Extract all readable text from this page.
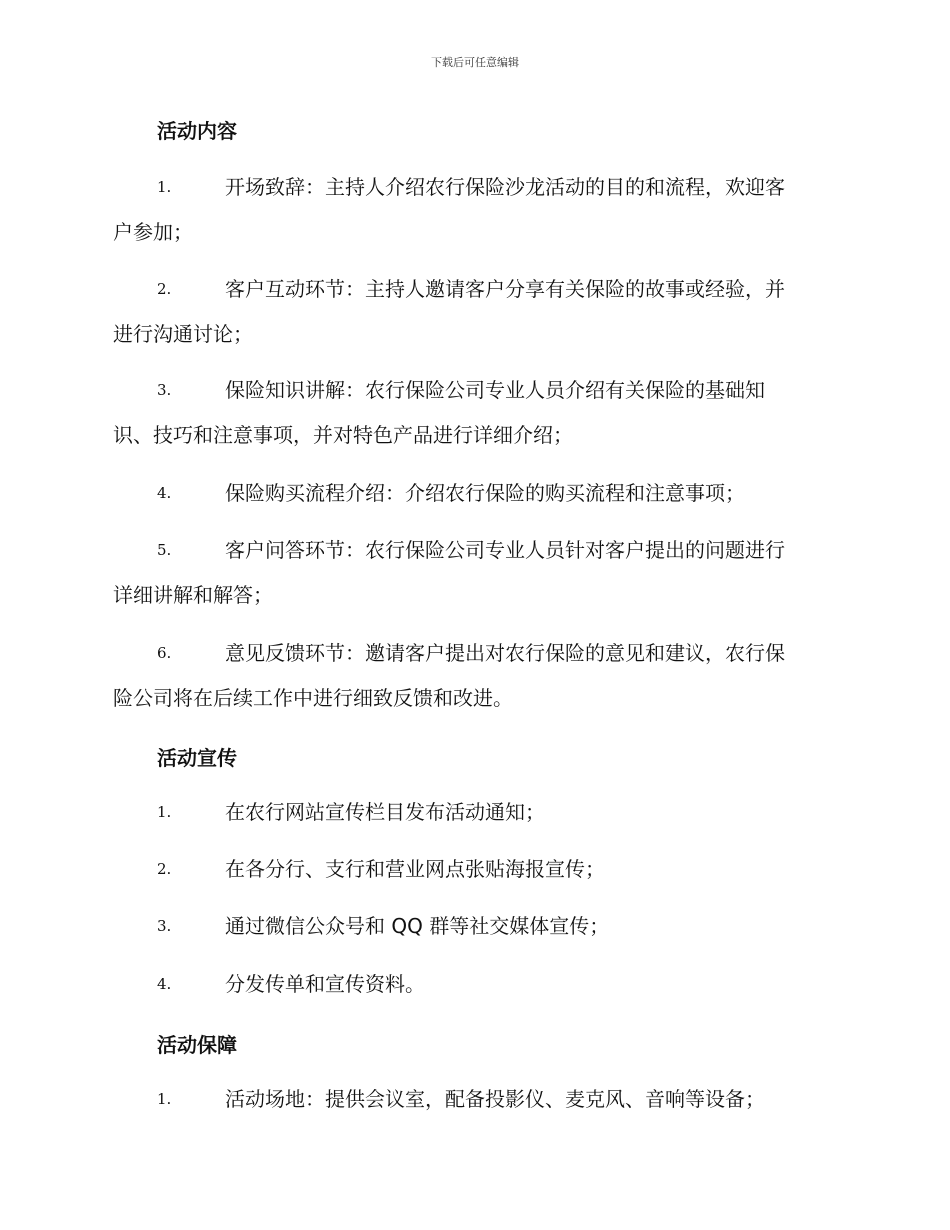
下载后可任意编辑
活动内容
1.	开场致辞：主持人介绍农行保险沙龙活动的目的和流程，欢迎客
户参加；
2.	客户互动环节：主持人邀请客户分享有关保险的故事或经验，并
进行沟通讨论；
3.	保险知识讲解：农行保险公司专业人员介绍有关保险的基础知
识、技巧和注意事项，并对特色产品进行详细介绍；
4.	保险购买流程介绍：介绍农行保险的购买流程和注意事项；
5.	客户问答环节：农行保险公司专业人员针对客户提出的问题进行
详细讲解和解答；
6.	意见反馈环节：邀请客户提出对农行保险的意见和建议，农行保
险公司将在后续工作中进行细致反馈和改进。
活动宣传
1.	在农行网站宣传栏目发布活动通知；
2.	在各分行、支行和营业网点张贴海报宣传；
3.	通过微信公众号和 QQ 群等社交媒体宣传；
4.	分发传单和宣传资料。
活动保障
1.	活动场地：提供会议室，配备投影仪、麦克风、音响等设备；
